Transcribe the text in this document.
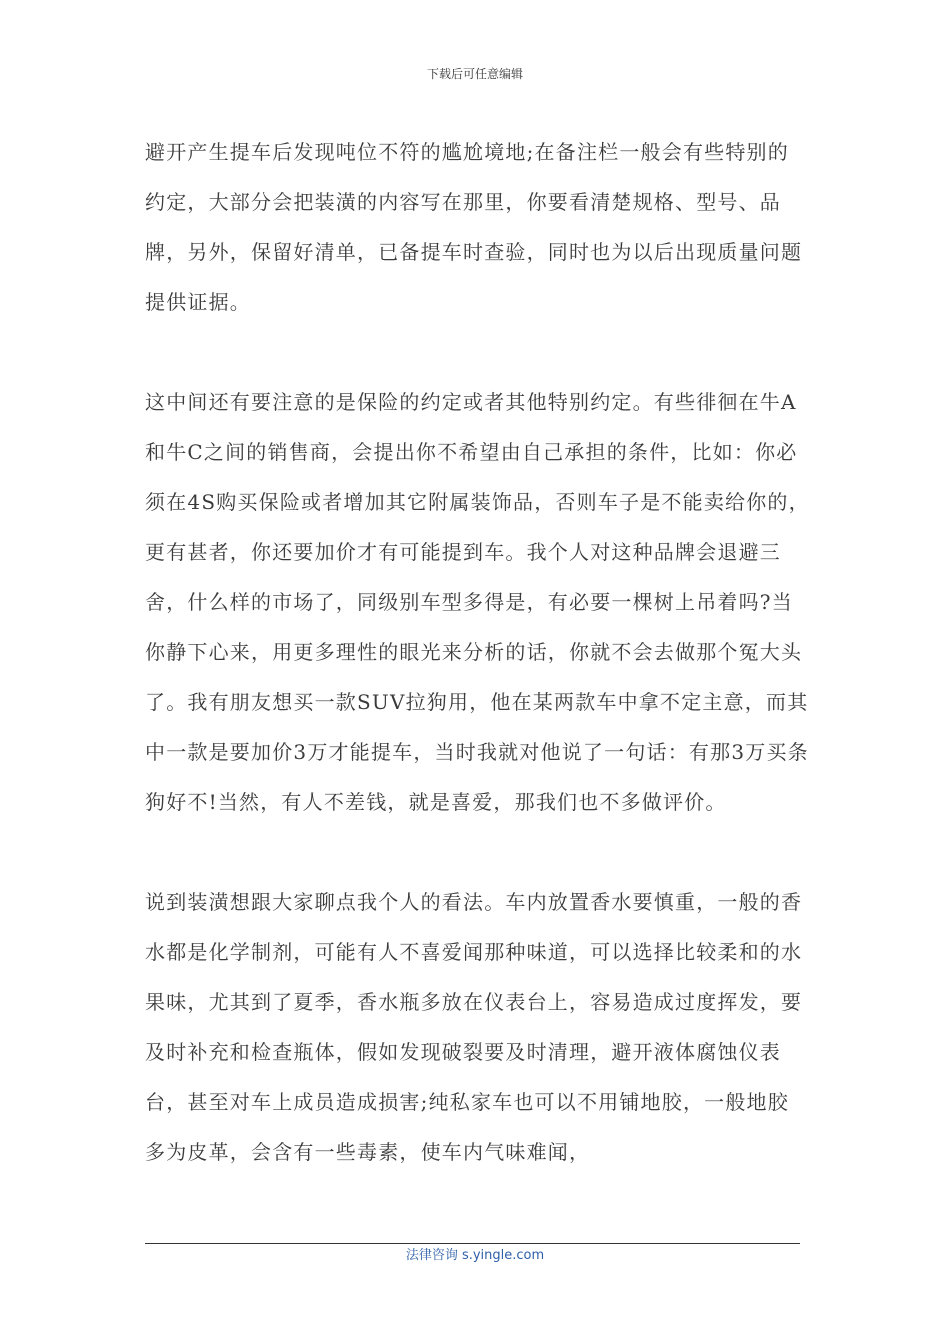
下载后可任意编辑

避开产生提车后发现吨位不符的尴尬境地;在备注栏一般会有些特别的约定，大部分会把装潢的内容写在那里，你要看清楚规格、型号、品牌，另外，保留好清单，已备提车时查验，同时也为以后出现质量问题提供证据。

这中间还有要注意的是保险的约定或者其他特别约定。有些徘徊在牛A和牛C之间的销售商，会提出你不希望由自己承担的条件，比如：你必须在4S购买保险或者增加其它附属装饰品，否则车子是不能卖给你的，更有甚者，你还要加价才有可能提到车。我个人对这种品牌会退避三舍，什么样的市场了，同级别车型多得是，有必要一棵树上吊着吗?当你静下心来，用更多理性的眼光来分析的话，你就不会去做那个冤大头了。我有朋友想买一款SUV拉狗用，他在某两款车中拿不定主意，而其中一款是要加价3万才能提车，当时我就对他说了一句话：有那3万买条狗好不!当然，有人不差钱，就是喜爱，那我们也不多做评价。

说到装潢想跟大家聊点我个人的看法。车内放置香水要慎重，一般的香水都是化学制剂，可能有人不喜爱闻那种味道，可以选择比较柔和的水果味，尤其到了夏季，香水瓶多放在仪表台上，容易造成过度挥发，要及时补充和检查瓶体，假如发现破裂要及时清理，避开液体腐蚀仪表台，甚至对车上成员造成损害;纯私家车也可以不用铺地胶，一般地胶多为皮革，会含有一些毒素，使车内气味难闻，

法律咨询 s.yingle.com
